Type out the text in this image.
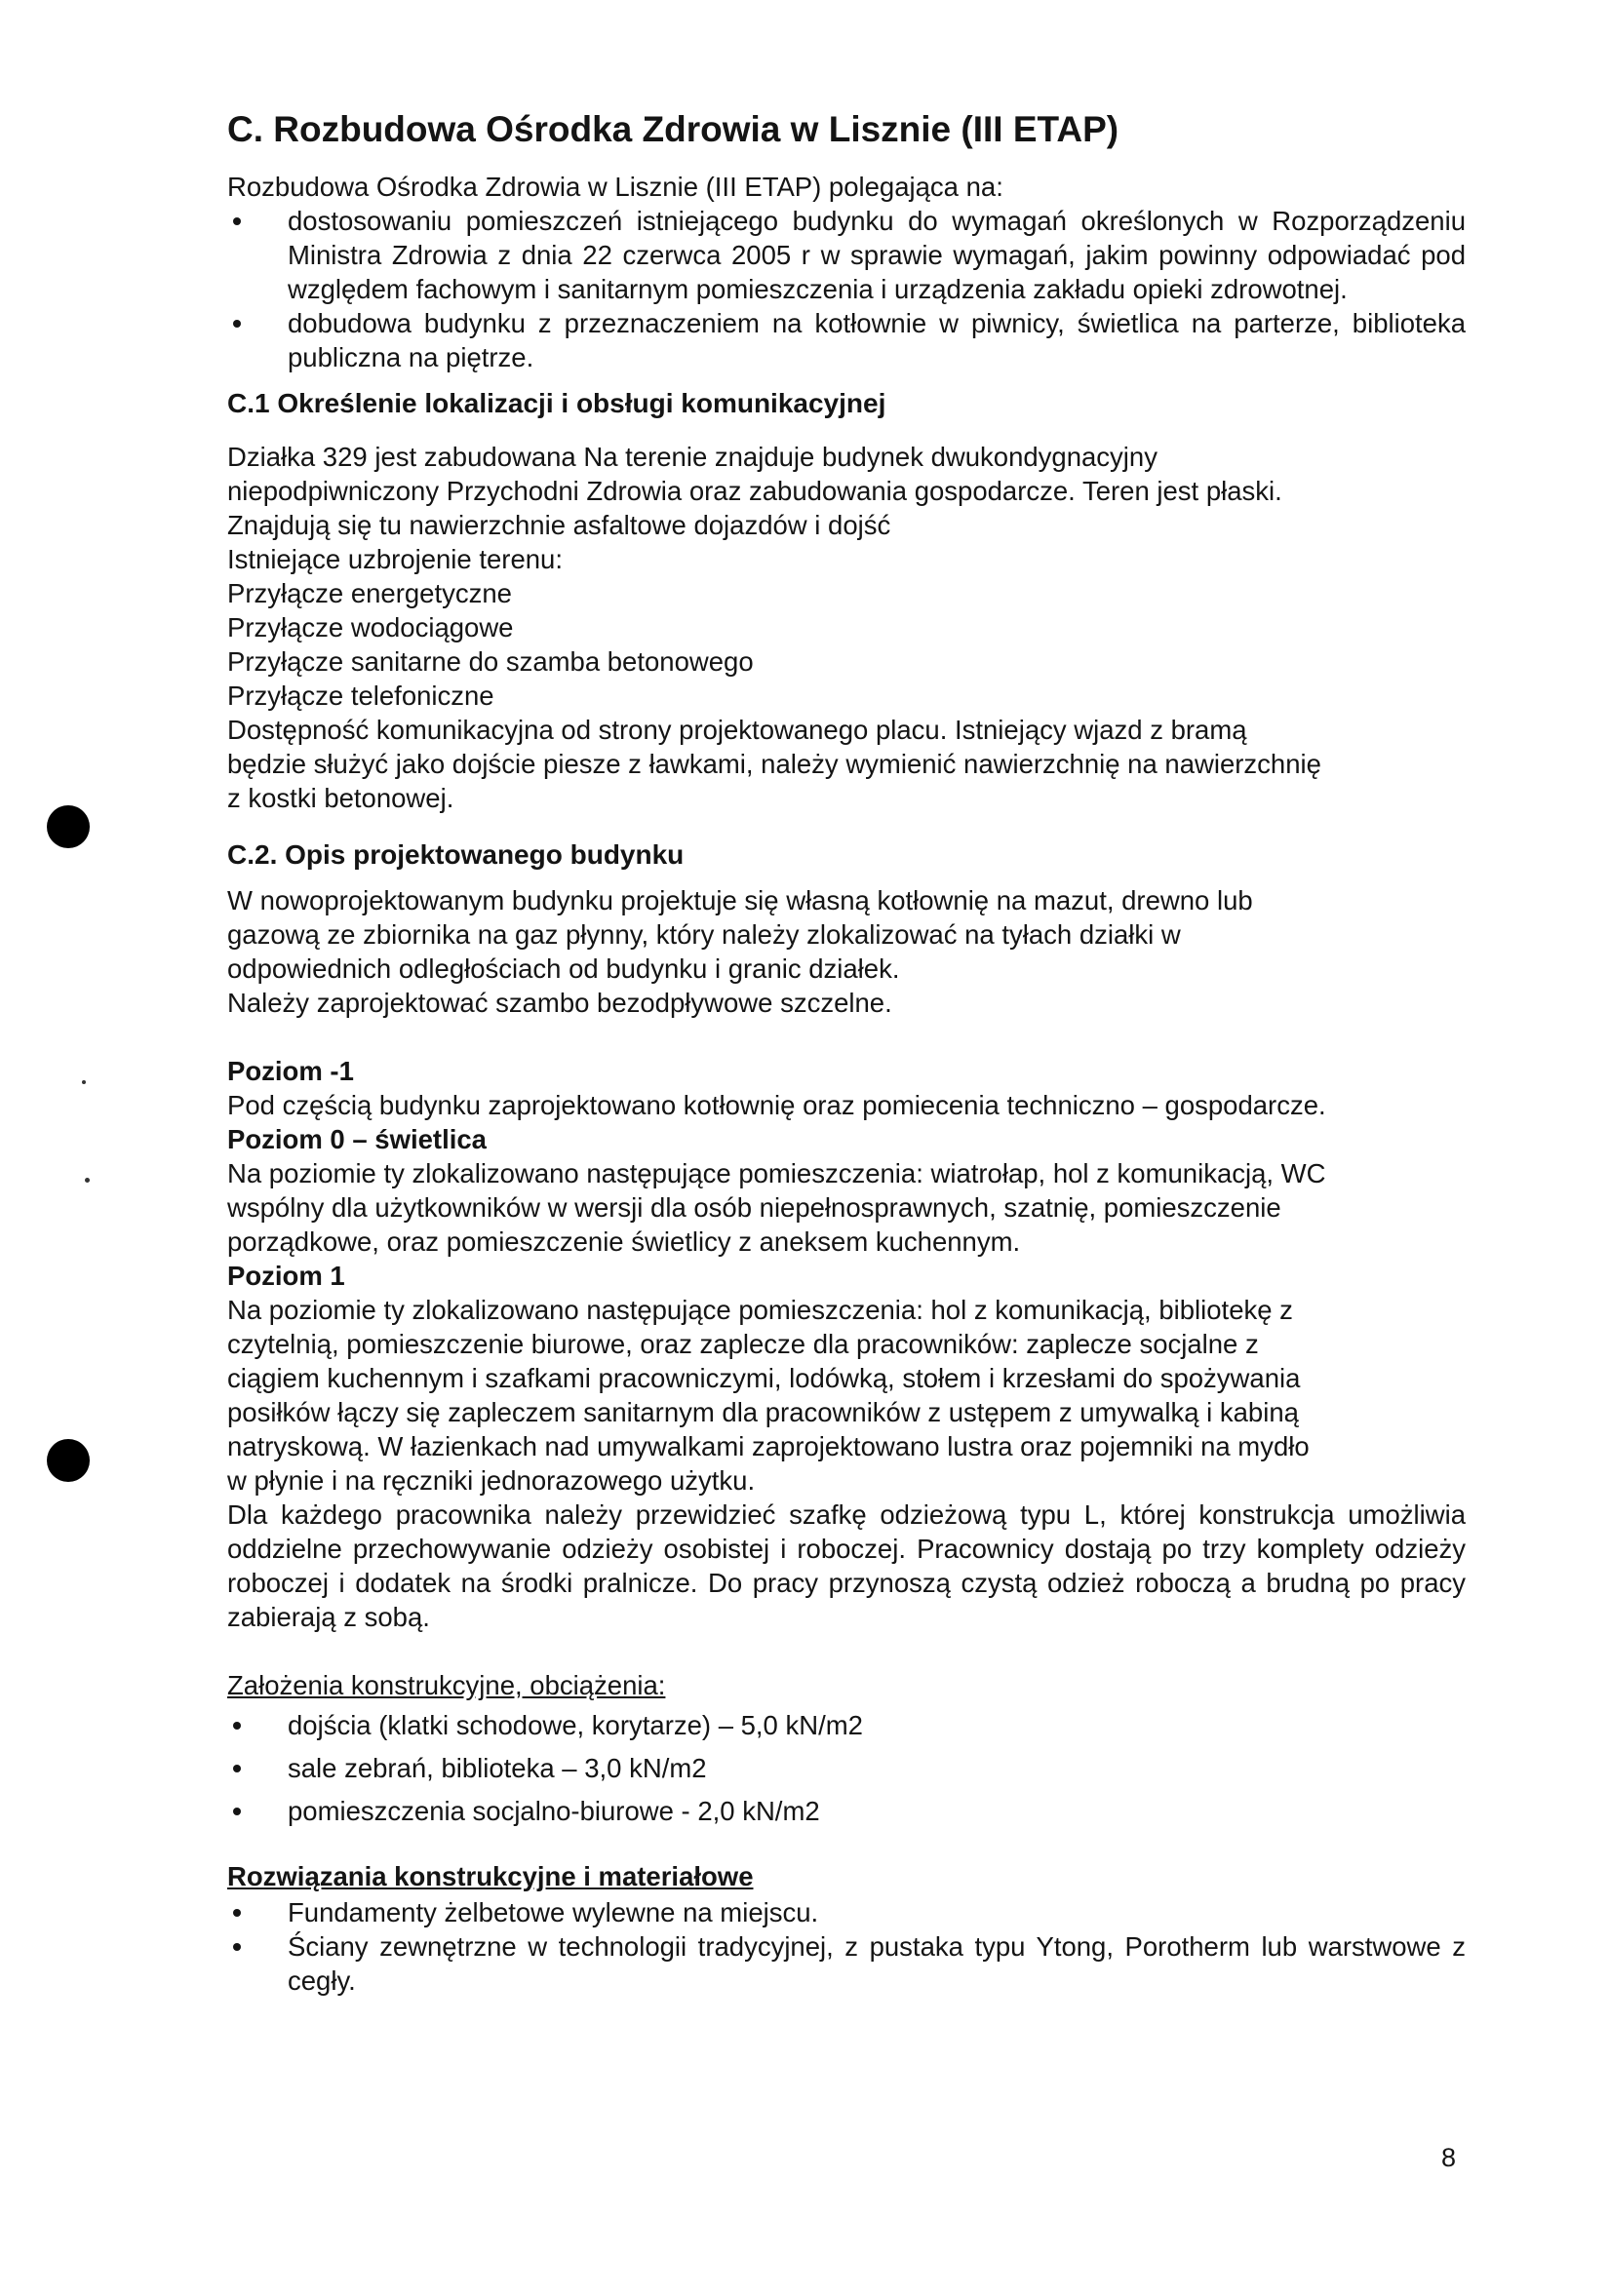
C. Rozbudowa Ośrodka Zdrowia w Lisznie (III ETAP)

Rozbudowa Ośrodka Zdrowia w Lisznie (III ETAP) polegająca na:

dostosowaniu pomieszczeń istniejącego budynku do wymagań określonych w Rozporządzeniu Ministra Zdrowia z dnia 22 czerwca 2005 r w sprawie wymagań, jakim powinny odpowiadać pod względem fachowym i sanitarnym pomieszczenia i urządzenia zakładu opieki zdrowotnej.
dobudowa budynku z przeznaczeniem na kotłownie w piwnicy, świetlica na parterze, biblioteka publiczna na piętrze.
C.1 Określenie lokalizacji i obsługi komunikacyjnej

Działka 329 jest zabudowana Na terenie znajduje budynek dwukondygnacyjny

niepodpiwniczony Przychodni Zdrowia oraz zabudowania gospodarcze. Teren jest płaski.

Znajdują się tu nawierzchnie asfaltowe dojazdów i dojść

Istniejące uzbrojenie terenu:

Przyłącze energetyczne

Przyłącze wodociągowe

Przyłącze sanitarne do szamba betonowego

Przyłącze telefoniczne

Dostępność komunikacyjna od strony projektowanego placu. Istniejący wjazd z bramą

będzie służyć jako dojście piesze z ławkami, należy wymienić nawierzchnię na nawierzchnię

z kostki betonowej.

C.2. Opis projektowanego budynku

W nowoprojektowanym budynku projektuje się własną kotłownię na mazut, drewno lub

gazową ze zbiornika na gaz płynny, który należy zlokalizować na tyłach działki w

odpowiednich odległościach od budynku i granic działek.

Należy zaprojektować szambo bezodpływowe szczelne.

Poziom -1

Pod częścią budynku zaprojektowano kotłownię oraz pomiecenia techniczno – gospodarcze.

Poziom 0 – świetlica

Na poziomie ty zlokalizowano następujące pomieszczenia: wiatrołap, hol z komunikacją, WC

wspólny dla użytkowników w wersji dla osób niepełnosprawnych, szatnię, pomieszczenie

porządkowe, oraz pomieszczenie świetlicy z aneksem kuchennym.

Poziom 1

Na poziomie ty zlokalizowano następujące pomieszczenia: hol z komunikacją, bibliotekę z

czytelnią, pomieszczenie biurowe, oraz zaplecze dla pracowników: zaplecze socjalne z

ciągiem kuchennym i szafkami pracowniczymi, lodówką, stołem i krzesłami do spożywania

posiłków łączy się zapleczem sanitarnym dla pracowników z ustępem z umywalką i kabiną

natryskową. W łazienkach nad umywalkami zaprojektowano lustra oraz pojemniki na mydło

w płynie i na ręczniki jednorazowego użytku.

Dla każdego pracownika należy przewidzieć szafkę odzieżową typu L, której konstrukcja umożliwia oddzielne przechowywanie odzieży osobistej i roboczej. Pracownicy dostają po trzy komplety odzieży roboczej i dodatek na środki pralnicze. Do pracy przynoszą czystą odzież roboczą a brudną po pracy zabierają z sobą.

Założenia konstrukcyjne, obciążenia:

dojścia (klatki schodowe, korytarze) – 5,0 kN/m2
sale zebrań, biblioteka – 3,0 kN/m2
pomieszczenia socjalno-biurowe - 2,0 kN/m2

Rozwiązania konstrukcyjne i materiałowe

Fundamenty żelbetowe wylewne na miejscu.
Ściany zewnętrzne w technologii tradycyjnej, z pustaka typu Ytong, Porotherm lub warstwowe z cegły.
8
